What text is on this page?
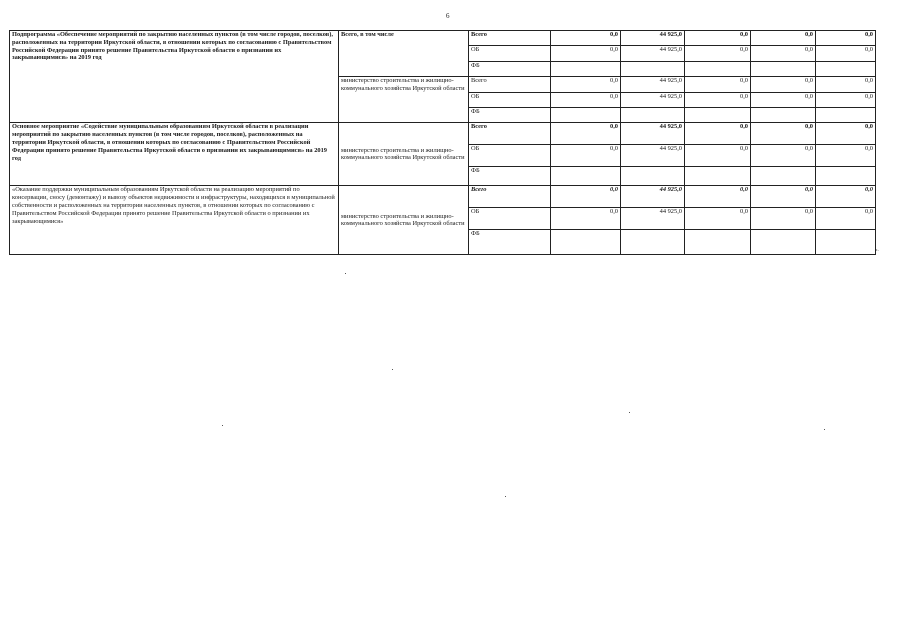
6
Подпрограмма «Обеспечение мероприятий по закрытию населенных пунктов (в том числе городов, поселков), расположенных на территории Иркутской области, в отношении которых по согласованию с Правительством Российской Федерации принято решение Правительства Иркутской области о признании их закрывающимися» на 2019 год	Всего, в том числе	Всего	0,0	44 925,0	0,0	0,0	0,0
		ОБ	0,0	44 925,0	0,0	0,0	0,0
		ФБ					
	министерство строительства и жилищно-коммунального хозяйства Иркутской области	Всего	0,0	44 925,0	0,0	0,0	0,0
		ОБ	0,0	44 925,0	0,0	0,0	0,0
		ФБ					
Основное мероприятие «Содействие муниципальным образованиям Иркутской области в реализации мероприятий по закрытию населенных пунктов (в том числе городов, поселков), расположенных на территории Иркутской области, в отношении которых по согласованию с Правительством Российской Федерации принято решение Правительства Иркутской области о признании их закрывающимися» на 2019 год	министерство строительства и жилищно-коммунального хозяйства Иркутской области	Всего	0,0	44 925,0	0,0	0,0	0,0
		ОБ	0,0	44 925,0	0,0	0,0	0,0
		ФБ					
«Оказание поддержки муниципальным образованиям Иркутской области на реализацию мероприятий по консервации, сносу (демонтажу) и вывозу объектов недвижимости и инфраструктуры, находящихся в муниципальной собственности и расположенных на территории населенных пунктов, в отношении которых по согласованию с Правительством Российской Федерации принято решение Правительства Иркутской области о признании их закрывающимися»	министерство строительства и жилищно-коммунального хозяйства Иркутской области	Всего	0,0	44 925,0	0,0	0,0	0,0
		ОБ	0,0	44 925,0	0,0	0,0	0,0
		ФБ					
».
